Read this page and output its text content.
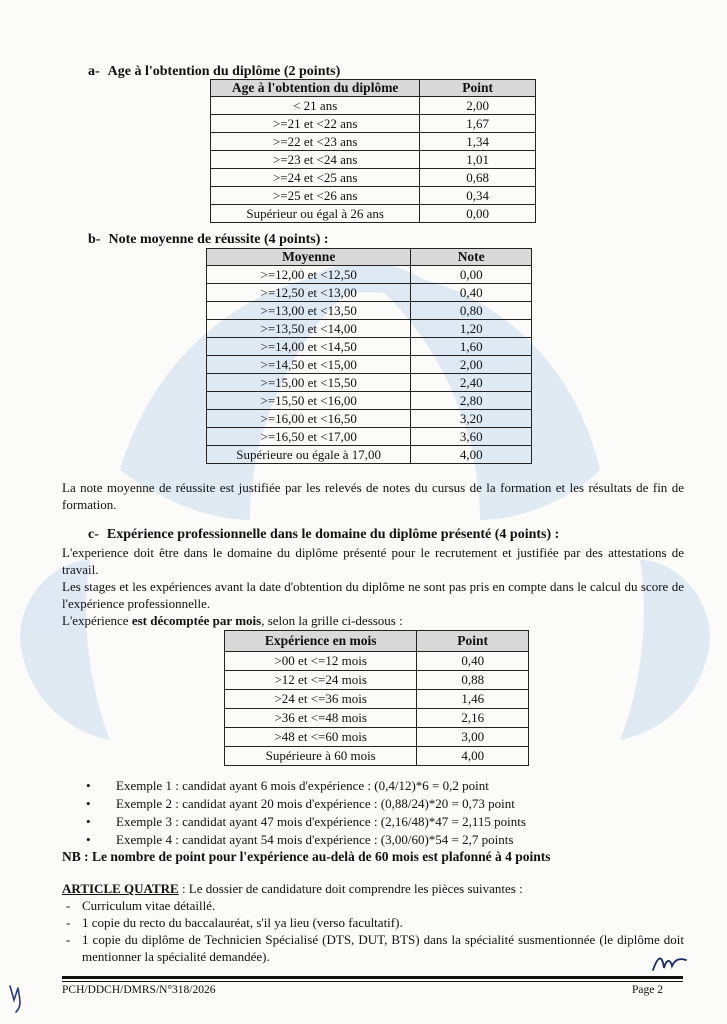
a- Age à l'obtention du diplôme (2 points)
Age à l'obtention du diplôme	Point
< 21 ans	2,00
>=21 et <22 ans	1,67
>=22 et <23 ans	1,34
>=23 et <24 ans	1,01
>=24 et <25 ans	0,68
>=25 et <26 ans	0,34
Supérieur ou égal à 26 ans	0,00
b- Note moyenne de réussite (4 points) :
Moyenne	Note
>=12,00 et <12,50	0,00
>=12,50 et <13,00	0,40
>=13,00 et <13,50	0,80
>=13,50 et <14,00	1,20
>=14,00 et <14,50	1,60
>=14,50 et <15,00	2,00
>=15,00 et <15,50	2,40
>=15,50 et <16,00	2,80
>=16,00 et <16,50	3,20
>=16,50 et <17,00	3,60
Supérieure ou égale à 17,00	4,00
La note moyenne de réussite est justifiée par les relevés de notes du cursus de la formation et les résultats de fin de formation.
c- Expérience professionnelle dans le domaine du diplôme présenté (4 points) :
L'experience doit être dans le domaine du diplôme présenté pour le recrutement et justifiée par des attestations de travail.
Les stages et les expériences avant la date d'obtention du diplôme ne sont pas pris en compte dans le calcul du score de l'expérience professionnelle.
L'expérience est décomptée par mois, selon la grille ci-dessous :
Expérience en mois	Point
>00 et <=12 mois	0,40
>12 et <=24 mois	0,88
>24 et <=36 mois	1,46
>36 et <=48 mois	2,16
>48 et <=60 mois	3,00
Supérieure à 60 mois	4,00
• Exemple 1 : candidat ayant 6 mois d'expérience : (0,4/12)*6 = 0,2 point
• Exemple 2 : candidat ayant 20 mois d'expérience : (0,88/24)*20 = 0,73 point
• Exemple 3 : candidat ayant 47 mois d'expérience : (2,16/48)*47 = 2,115 points
• Exemple 4 : candidat ayant 54 mois d'expérience : (3,00/60)*54 = 2,7 points
NB : Le nombre de point pour l'expérience au-delà de 60 mois est plafonné à 4 points
ARTICLE QUATRE : Le dossier de candidature doit comprendre les pièces suivantes :
- Curriculum vitae détaillé.
- 1 copie du recto du baccalauréat, s'il ya lieu (verso facultatif).
- 1 copie du diplôme de Technicien Spécialisé (DTS, DUT, BTS) dans la spécialité susmentionnée (le diplôme doit mentionner la spécialité demandée).
PCH/DDCH/DMRS/N°318/2026	Page 2
